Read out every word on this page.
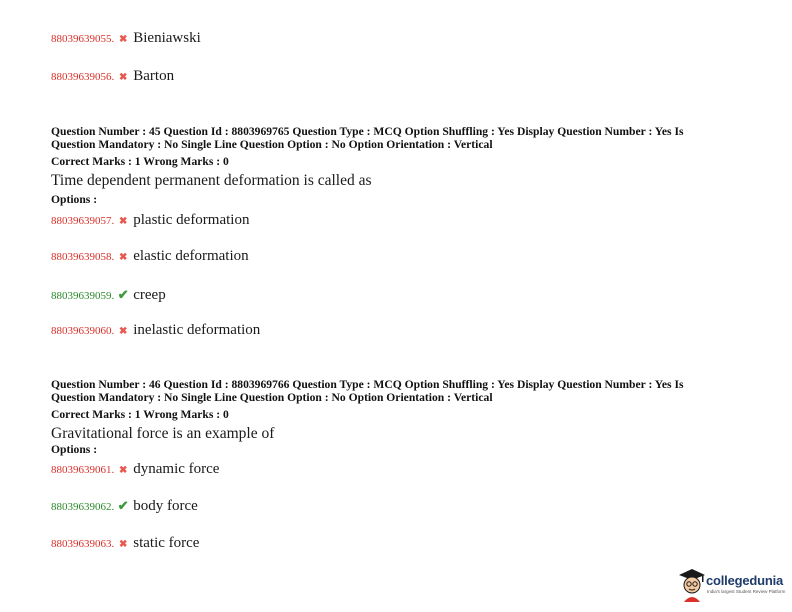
88039639055. ✖ Bieniawski
88039639056. ✖ Barton
Question Number : 45 Question Id : 8803969765 Question Type : MCQ Option Shuffling : Yes Display Question Number : Yes Is
Question Mandatory : No Single Line Question Option : No Option Orientation : Vertical
Correct Marks : 1 Wrong Marks : 0
Time dependent permanent deformation is called as
Options :
88039639057. ✖ plastic deformation
88039639058. ✖ elastic deformation
88039639059. ✔ creep
88039639060. ✖ inelastic deformation
Question Number : 46 Question Id : 8803969766 Question Type : MCQ Option Shuffling : Yes Display Question Number : Yes Is
Question Mandatory : No Single Line Question Option : No Option Orientation : Vertical
Correct Marks : 1 Wrong Marks : 0
Gravitational force is an example of
Options :
88039639061. ✖ dynamic force
88039639062. ✔ body force
88039639063. ✖ static force
collegedunia
India's largest Student Review Platform
